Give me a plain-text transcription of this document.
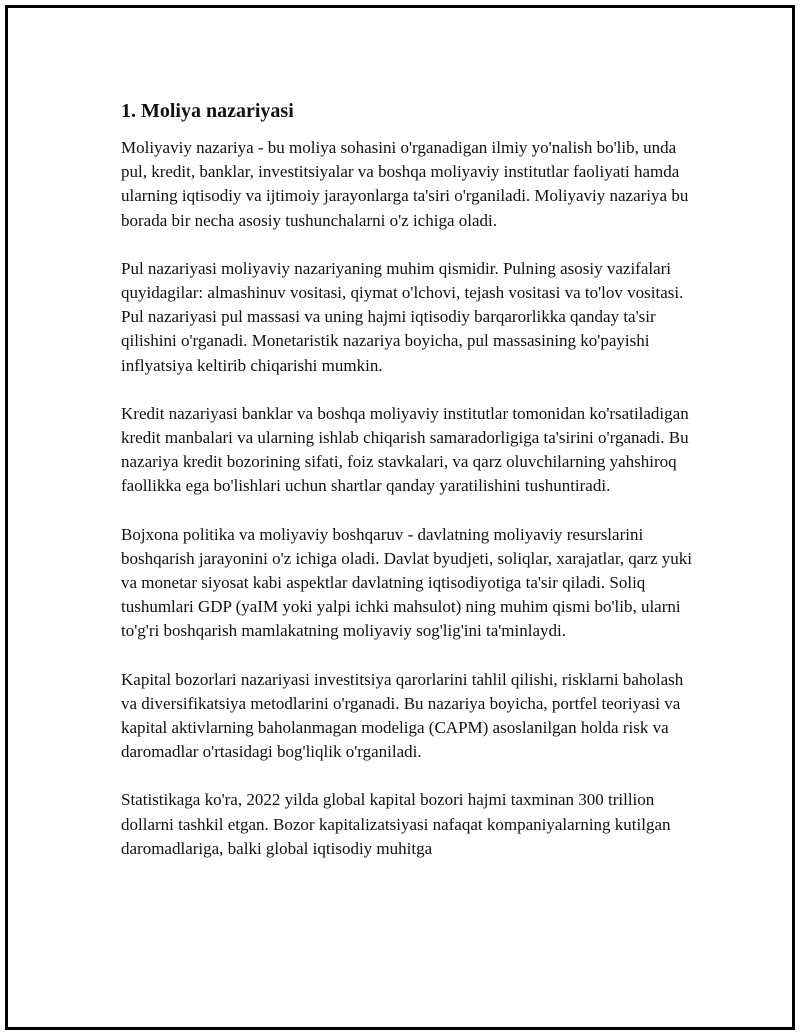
1. Moliya nazariyasi

Moliyaviy nazariya - bu moliya sohasini o'rganadigan ilmiy yo'nalish bo'lib, unda pul, kredit, banklar, investitsiyalar va boshqa moliyaviy institutlar faoliyati hamda ularning iqtisodiy va ijtimoiy jarayonlarga ta'siri o'rganiladi. Moliyaviy nazariya bu borada bir necha asosiy tushunchalarni o'z ichiga oladi.

Pul nazariyasi moliyaviy nazariyaning muhim qismidir. Pulning asosiy vazifalari quyidagilar: almashinuv vositasi, qiymat o'lchovi, tejash vositasi va to'lov vositasi. Pul nazariyasi pul massasi va uning hajmi iqtisodiy barqarorlikka qanday ta'sir qilishini o'rganadi. Monetaristik nazariya boyicha, pul massasining ko'payishi inflyatsiya keltirib chiqarishi mumkin.

Kredit nazariyasi banklar va boshqa moliyaviy institutlar tomonidan ko'rsatiladigan kredit manbalari va ularning ishlab chiqarish samaradorligiga ta'sirini o'rganadi. Bu nazariya kredit bozorining sifati, foiz stavkalari, va qarz oluvchilarning yahshiroq faollikka ega bo'lishlari uchun shartlar qanday yaratilishini tushuntiradi.

Bojxona politika va moliyaviy boshqaruv - davlatning moliyaviy resurslarini boshqarish jarayonini o'z ichiga oladi. Davlat byudjeti, soliqlar, xarajatlar, qarz yuki va monetar siyosat kabi aspektlar davlatning iqtisodiyotiga ta'sir qiladi. Soliq tushumlari GDP (yaIM yoki yalpi ichki mahsulot) ning muhim qismi bo'lib, ularni to'g'ri boshqarish mamlakatning moliyaviy sog'lig'ini ta'minlaydi.

Kapital bozorlari nazariyasi investitsiya qarorlarini tahlil qilishi, risklarni baholash va diversifikatsiya metodlarini o'rganadi. Bu nazariya boyicha, portfel teoriyasi va kapital aktivlarning baholanmagan modeliga (CAPM) asoslanilgan holda risk va daromadlar o'rtasidagi bog'liqlik o'rganiladi.

Statistikaga ko'ra, 2022 yilda global kapital bozori hajmi taxminan 300 trillion dollarni tashkil etgan. Bozor kapitalizatsiyasi nafaqat kompaniyalarning kutilgan daromadlariga, balki global iqtisodiy muhitga
